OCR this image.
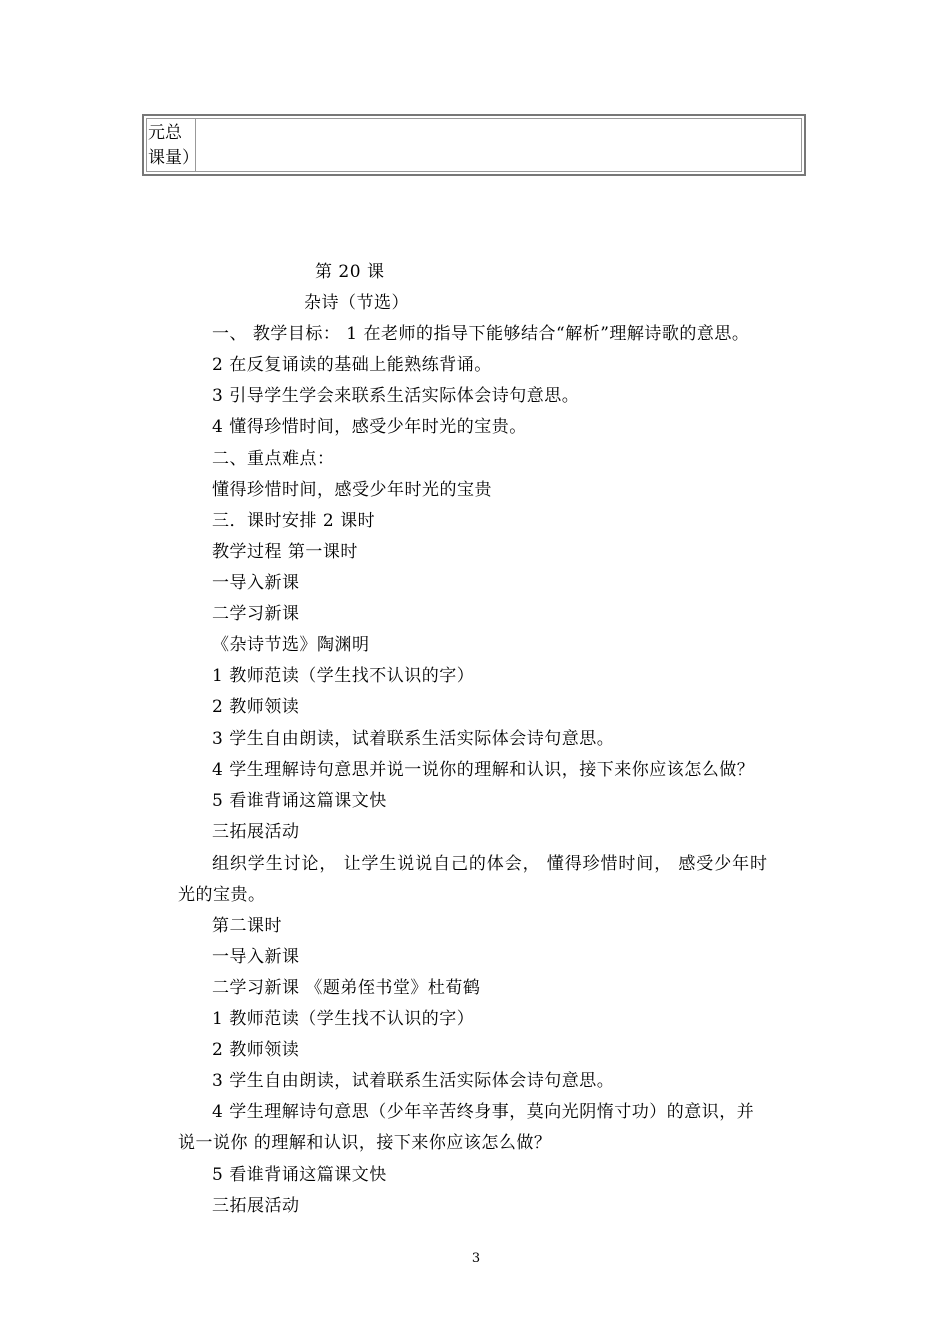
元总
课量）
第 20 课
杂诗（节选）
一、 教学目标： 1 在老师的指导下能够结合“解析”理解诗歌的意思。
2 在反复诵读的基础上能熟练背诵。
3 引导学生学会来联系生活实际体会诗句意思。
4 懂得珍惜时间，感受少年时光的宝贵。
二、重点难点：
懂得珍惜时间，感受少年时光的宝贵
三．课时安排 2 课时
教学过程 第一课时
一导入新课
二学习新课
《杂诗节选》陶渊明
1 教师范读（学生找不认识的字）
2 教师领读
3 学生自由朗读，试着联系生活实际体会诗句意思。
4 学生理解诗句意思并说一说你的理解和认识，接下来你应该怎么做？
5 看谁背诵这篇课文快
三拓展活动
组织学生讨论， 让学生说说自己的体会， 懂得珍惜时间， 感受少年时
光的宝贵。
第二课时
一导入新课
二学习新课 《题弟侄书堂》杜荀鹤
1 教师范读（学生找不认识的字）
2 教师领读
3 学生自由朗读，试着联系生活实际体会诗句意思。
4 学生理解诗句意思（少年辛苦终身事，莫向光阴惰寸功）的意识，并
说一说你 的理解和认识，接下来你应该怎么做？
5 看谁背诵这篇课文快
三拓展活动
3
